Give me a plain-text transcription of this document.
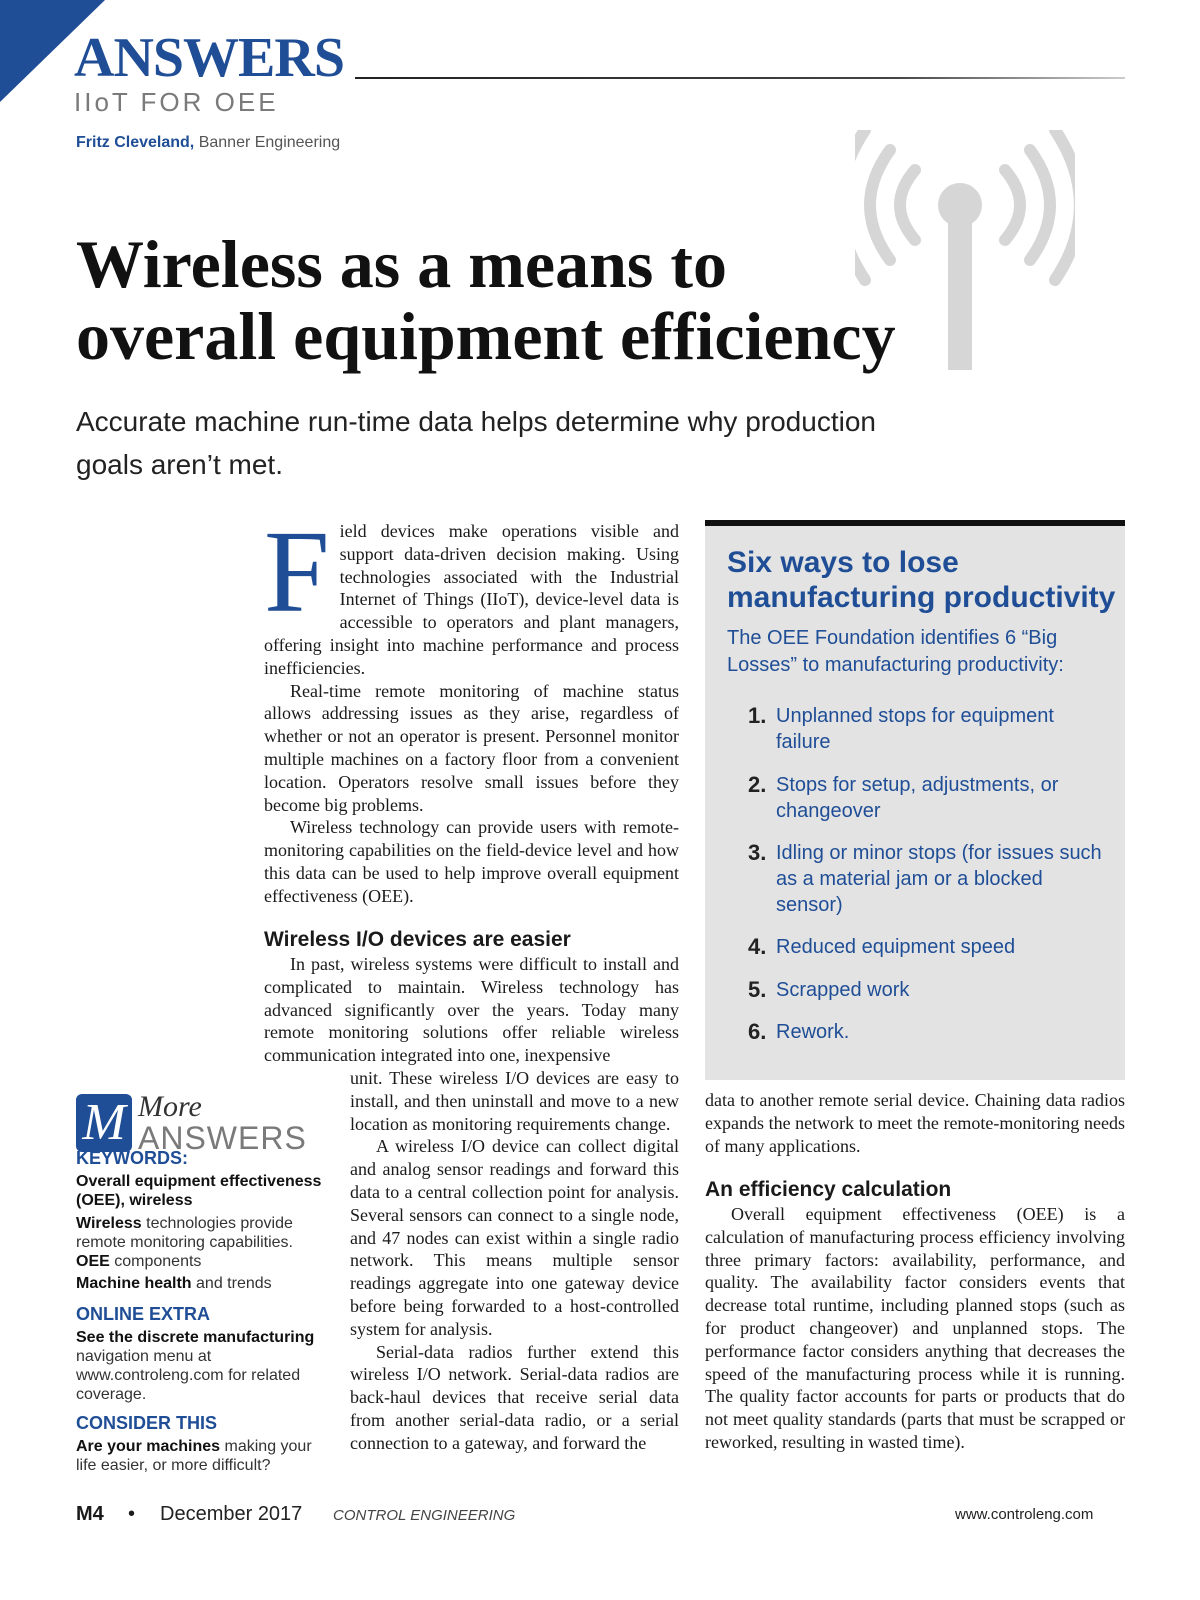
ANSWERS
IIoT FOR OEE
Fritz Cleveland, Banner Engineering
Wireless as a means to
overall equipment efficiency
Accurate machine run-time data helps determine why production
goals aren’t met.
F ield devices make operations visible and support data-driven decision making. Using technologies associated with the Industrial Internet of Things (IIoT), device-level data is accessible to operators and plant managers, offering insight into machine performance and process inefficiencies.

Real-time remote monitoring of machine status allows addressing issues as they arise, regardless of whether or not an operator is present. Personnel monitor multiple machines on a factory floor from a convenient location. Operators resolve small issues before they become big problems.

Wireless technology can provide users with remote-monitoring capabilities on the field-device level and how this data can be used to help improve overall equipment effectiveness (OEE).

Wireless I/O devices are easier

In past, wireless systems were difficult to install and complicated to maintain. Wireless technology has advanced significantly over the years. Today many remote monitoring solutions offer reliable wireless communication integrated into one, inexpensive

unit. These wireless I/O devices are easy to install, and then uninstall and move to a new location as monitoring requirements change.

A wireless I/O device can collect digital and analog sensor readings and forward this data to a central collection point for analysis. Several sensors can connect to a single node, and 47 nodes can exist within a single radio network. This means multiple sensor readings aggregate into one gateway device before being forwarded to a host-controlled system for analysis.

Serial-data radios further extend this wireless I/O network. Serial-data radios are back-haul devices that receive serial data from another serial-data radio, or a serial connection to a gateway, and forward the

Six ways to lose
manufacturing productivity
The OEE Foundation identifies 6 “Big Losses” to manufacturing productivity:
1. Unplanned stops for equipment failure
2. Stops for setup, adjustments, or changeover
3. Idling or minor stops (for issues such as a material jam or a blocked sensor)
4. Reduced equipment speed
5. Scrapped work
6. Rework.

data to another remote serial device. Chaining data radios expands the network to meet the remote-monitoring needs of many applications.

An efficiency calculation

Overall equipment effectiveness (OEE) is a calculation of manufacturing process efficiency involving three primary factors: availability, performance, and quality. The availability factor considers events that decrease total runtime, including planned stops (such as for product changeover) and unplanned stops. The performance factor considers anything that decreases the speed of the manufacturing process while it is running. The quality factor accounts for parts or products that do not meet quality standards (parts that must be scrapped or reworked, resulting in wasted time).

M More
ANSWERS
KEYWORDS:
Overall equipment effectiveness (OEE), wireless
Wireless technologies provide remote monitoring capabilities.
OEE components
Machine health and trends
ONLINE EXTRA
See the discrete manufacturing navigation menu at www.controleng.com for related coverage.
CONSIDER THIS
Are your machines making your life easier, or more difficult?
M4 • December 2017 CONTROL ENGINEERING	www.controleng.com
